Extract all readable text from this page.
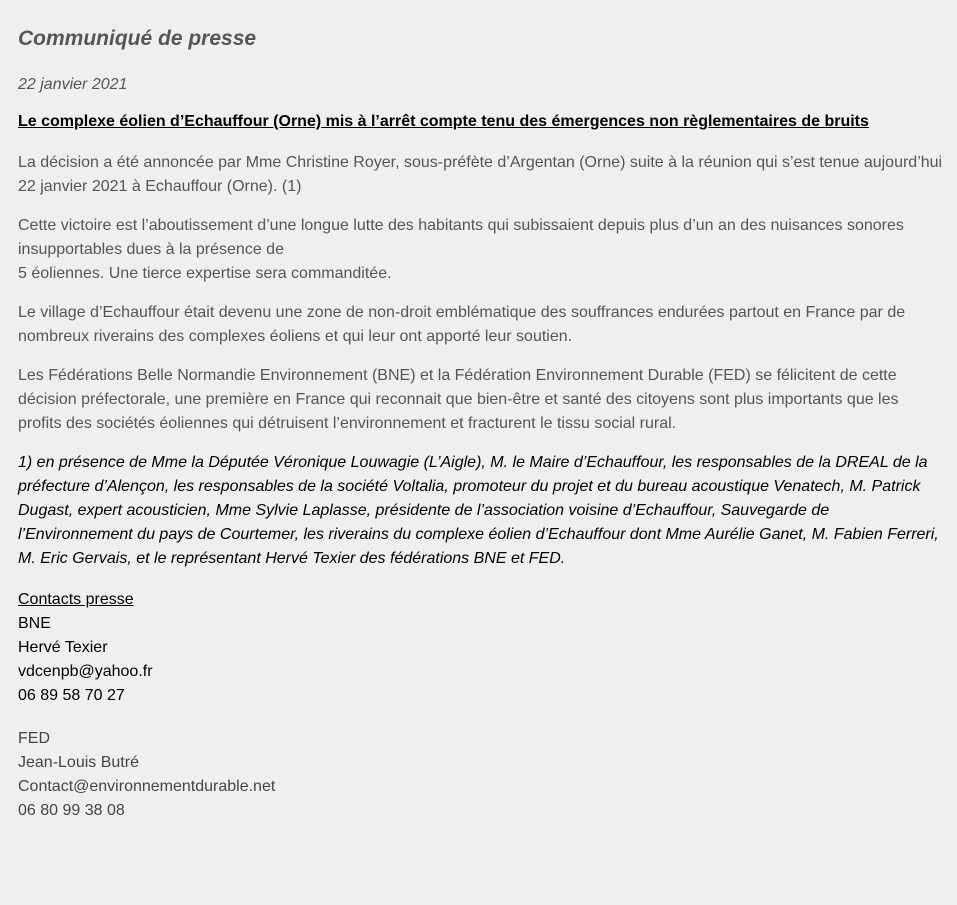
Communiqué de presse
22 janvier 2021
Le complexe éolien d’Echauffour (Orne) mis à l’arrêt compte tenu des émergences non règlementaires de bruits

La décision a été annoncée par Mme Christine Royer, sous-préfète d’Argentan (Orne) suite à la réunion qui s’est tenue aujourd’hui 22 janvier 2021 à Echauffour (Orne). (1)

Cette victoire est l’aboutissement d’une longue lutte des habitants qui subissaient depuis plus d’un an des nuisances sonores insupportables dues à la présence de
5 éoliennes. Une tierce expertise sera commanditée.

Le village d’Echauffour était devenu une zone de non-droit emblématique des souffrances endurées partout en France par de nombreux riverains des complexes éoliens et qui leur ont apporté leur soutien.

Les Fédérations Belle Normandie Environnement (BNE) et la Fédération Environnement Durable (FED) se félicitent de cette décision préfectorale, une première en France qui reconnait que bien-être et santé des citoyens sont plus importants que les profits des sociétés éoliennes qui détruisent l’environnement et fracturent le tissu social rural.

1) en présence de Mme la Députée Véronique Louwagie (L’Aigle), M. le Maire d’Echauffour, les responsables de la DREAL de la préfecture d’Alençon, les responsables de la société Voltalia, promoteur du projet et du bureau acoustique Venatech, M. Patrick Dugast, expert acousticien, Mme Sylvie Laplasse, présidente de l’association voisine d’Echauffour, Sauvegarde de l’Environnement du pays de Courtemer, les riverains du complexe éolien d’Echauffour dont Mme Aurélie Ganet, M. Fabien Ferreri, M. Eric Gervais, et le représentant Hervé Texier des fédérations BNE et FED.

Contacts presse
BNE
Hervé Texier
vdcenpb@yahoo.fr
06 89 58 70 27
FED
Jean-Louis Butré
Contact@environnementdurable.net
06 80 99 38 08
